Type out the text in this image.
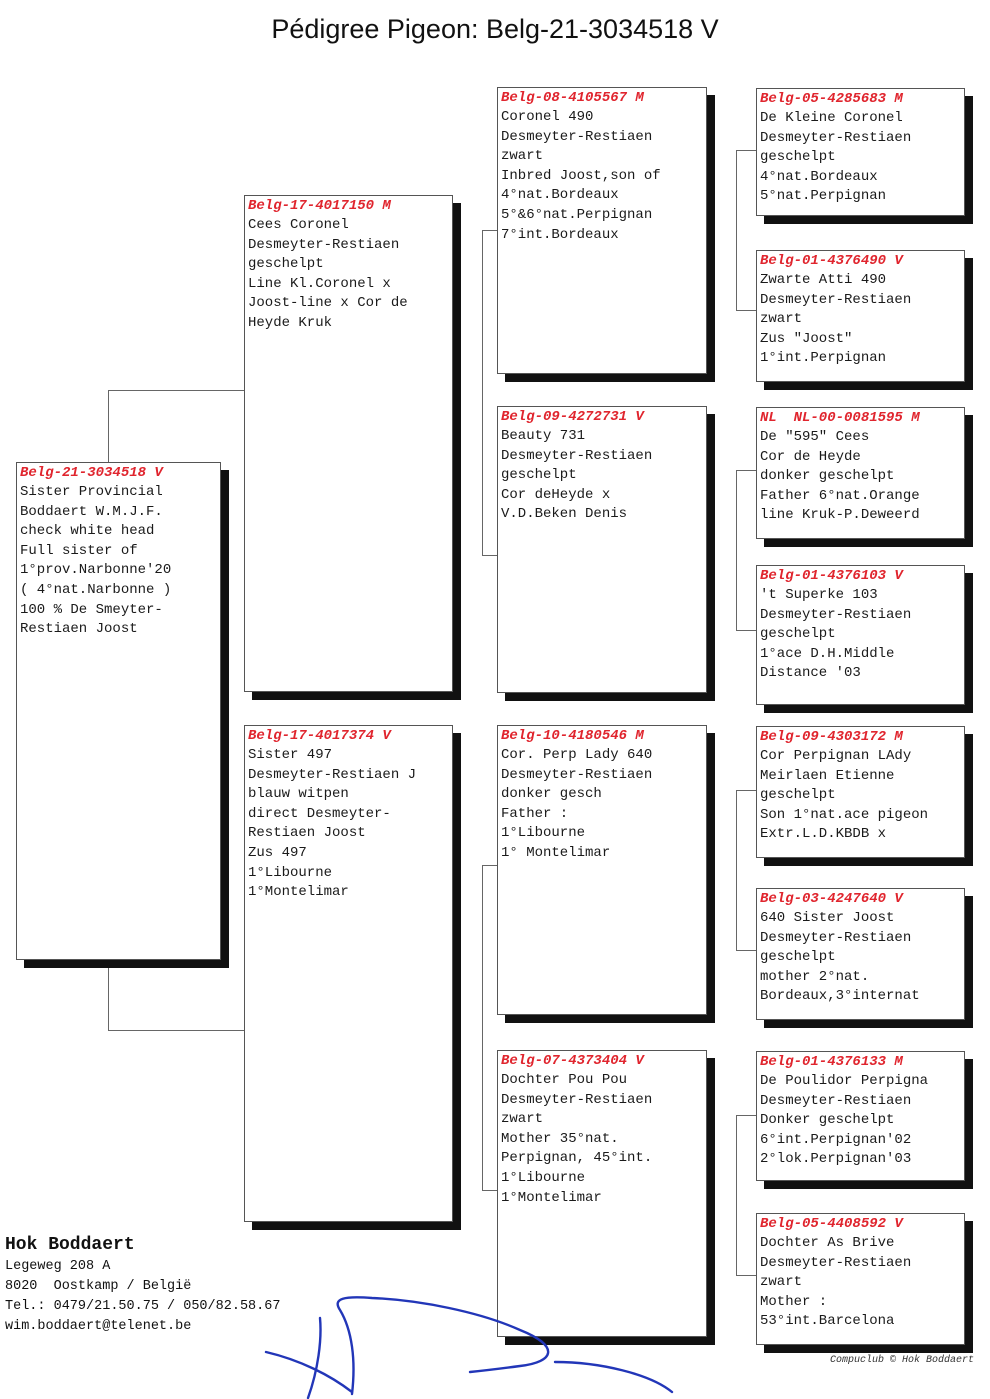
Pédigree Pigeon: Belg-21-3034518 V
Belg-21-3034518 V
Sister Provincial
Boddaert W.M.J.F.
check white head
Full sister of
1°prov.Narbonne'20
( 4°nat.Narbonne )
100 % De Smeyter-
Restiaen Joost
Belg-17-4017150 M
Cees Coronel
Desmeyter-Restiaen
geschelpt
Line Kl.Coronel x
Joost-line x Cor de
Heyde Kruk
Belg-17-4017374 V
Sister 497
Desmeyter-Restiaen J
blauw witpen
direct Desmeyter-
Restiaen Joost
Zus 497
1°Libourne
1°Montelimar
Belg-08-4105567 M
Coronel 490
Desmeyter-Restiaen
zwart
Inbred Joost,son of
4°nat.Bordeaux
5°&6°nat.Perpignan
7°int.Bordeaux
Belg-09-4272731 V
Beauty 731
Desmeyter-Restiaen
geschelpt
Cor deHeyde x
V.D.Beken Denis
Belg-10-4180546 M
Cor. Perp Lady 640
Desmeyter-Restiaen
donker gesch
Father :
1°Libourne
1° Montelimar
Belg-07-4373404 V
Dochter Pou Pou
Desmeyter-Restiaen
zwart
Mother 35°nat.
Perpignan, 45°int.
1°Libourne
1°Montelimar
Belg-05-4285683 M
De Kleine Coronel
Desmeyter-Restiaen
geschelpt
4°nat.Bordeaux
5°nat.Perpignan
Belg-01-4376490 V
Zwarte Atti 490
Desmeyter-Restiaen
zwart
Zus "Joost"
1°int.Perpignan
NL  NL-00-0081595 M
De "595" Cees
Cor de Heyde
donker geschelpt
Father 6°nat.Orange
line Kruk-P.Deweerd
Belg-01-4376103 V
't Superke 103
Desmeyter-Restiaen
geschelpt
1°ace D.H.Middle
Distance '03
Belg-09-4303172 M
Cor Perpignan LAdy
Meirlaen Etienne
geschelpt
Son 1°nat.ace pigeon
Extr.L.D.KBDB x
Belg-03-4247640 V
640 Sister Joost
Desmeyter-Restiaen
geschelpt
mother 2°nat.
Bordeaux,3°internat
Belg-01-4376133 M
De Poulidor Perpigna
Desmeyter-Restiaen
Donker geschelpt
6°int.Perpignan'02
2°lok.Perpignan'03
Belg-05-4408592 V
Dochter As Brive
Desmeyter-Restiaen
zwart
Mother :
53°int.Barcelona
Hok Boddaert
Legeweg 208 A
8020  Oostkamp / België
Tel.: 0479/21.50.75 / 050/82.58.67
wim.boddaert@telenet.be
Compuclub © Hok Boddaert
